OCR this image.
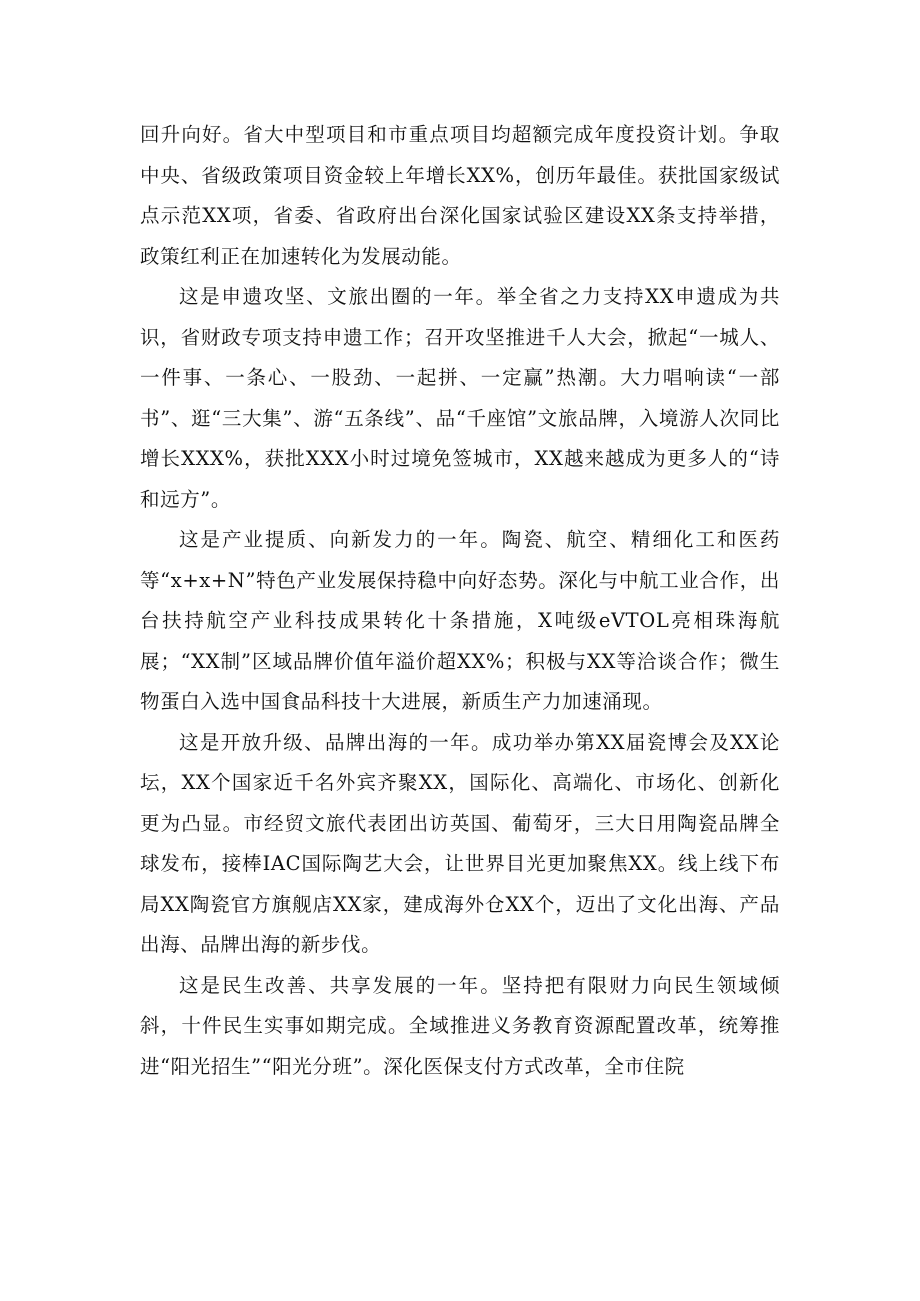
回升向好。省大中型项目和市重点项目均超额完成年度投资计划。争取中央、省级政策项目资金较上年增长XX%，创历年最佳。获批国家级试点示范XX项，省委、省政府出台深化国家试验区建设XX条支持举措，政策红利正在加速转化为发展动能。

这是申遗攻坚、文旅出圈的一年。举全省之力支持XX申遗成为共识，省财政专项支持申遗工作；召开攻坚推进千人大会，掀起“一城人、一件事、一条心、一股劲、一起拼、一定赢”热潮。大力唱响读“一部书”、逛“三大集”、游“五条线”、品“千座馆”文旅品牌，入境游人次同比增长XXX%，获批XXX小时过境免签城市，XX越来越成为更多人的“诗和远方”。

这是产业提质、向新发力的一年。陶瓷、航空、精细化工和医药等“x+x+N”特色产业发展保持稳中向好态势。深化与中航工业合作，出台扶持航空产业科技成果转化十条措施，X吨级eVTOL亮相珠海航展；“XX制”区域品牌价值年溢价超XX%；积极与XX等洽谈合作；微生物蛋白入选中国食品科技十大进展，新质生产力加速涌现。

这是开放升级、品牌出海的一年。成功举办第XX届瓷博会及XX论坛，XX个国家近千名外宾齐聚XX，国际化、高端化、市场化、创新化更为凸显。市经贸文旅代表团出访英国、葡萄牙，三大日用陶瓷品牌全球发布，接棒IAC国际陶艺大会，让世界目光更加聚焦XX。线上线下布局XX陶瓷官方旗舰店XX家，建成海外仓XX个，迈出了文化出海、产品出海、品牌出海的新步伐。

这是民生改善、共享发展的一年。坚持把有限财力向民生领域倾斜，十件民生实事如期完成。全域推进义务教育资源配置改革，统筹推进“阳光招生”“阳光分班”。深化医保支付方式改革，全市住院
